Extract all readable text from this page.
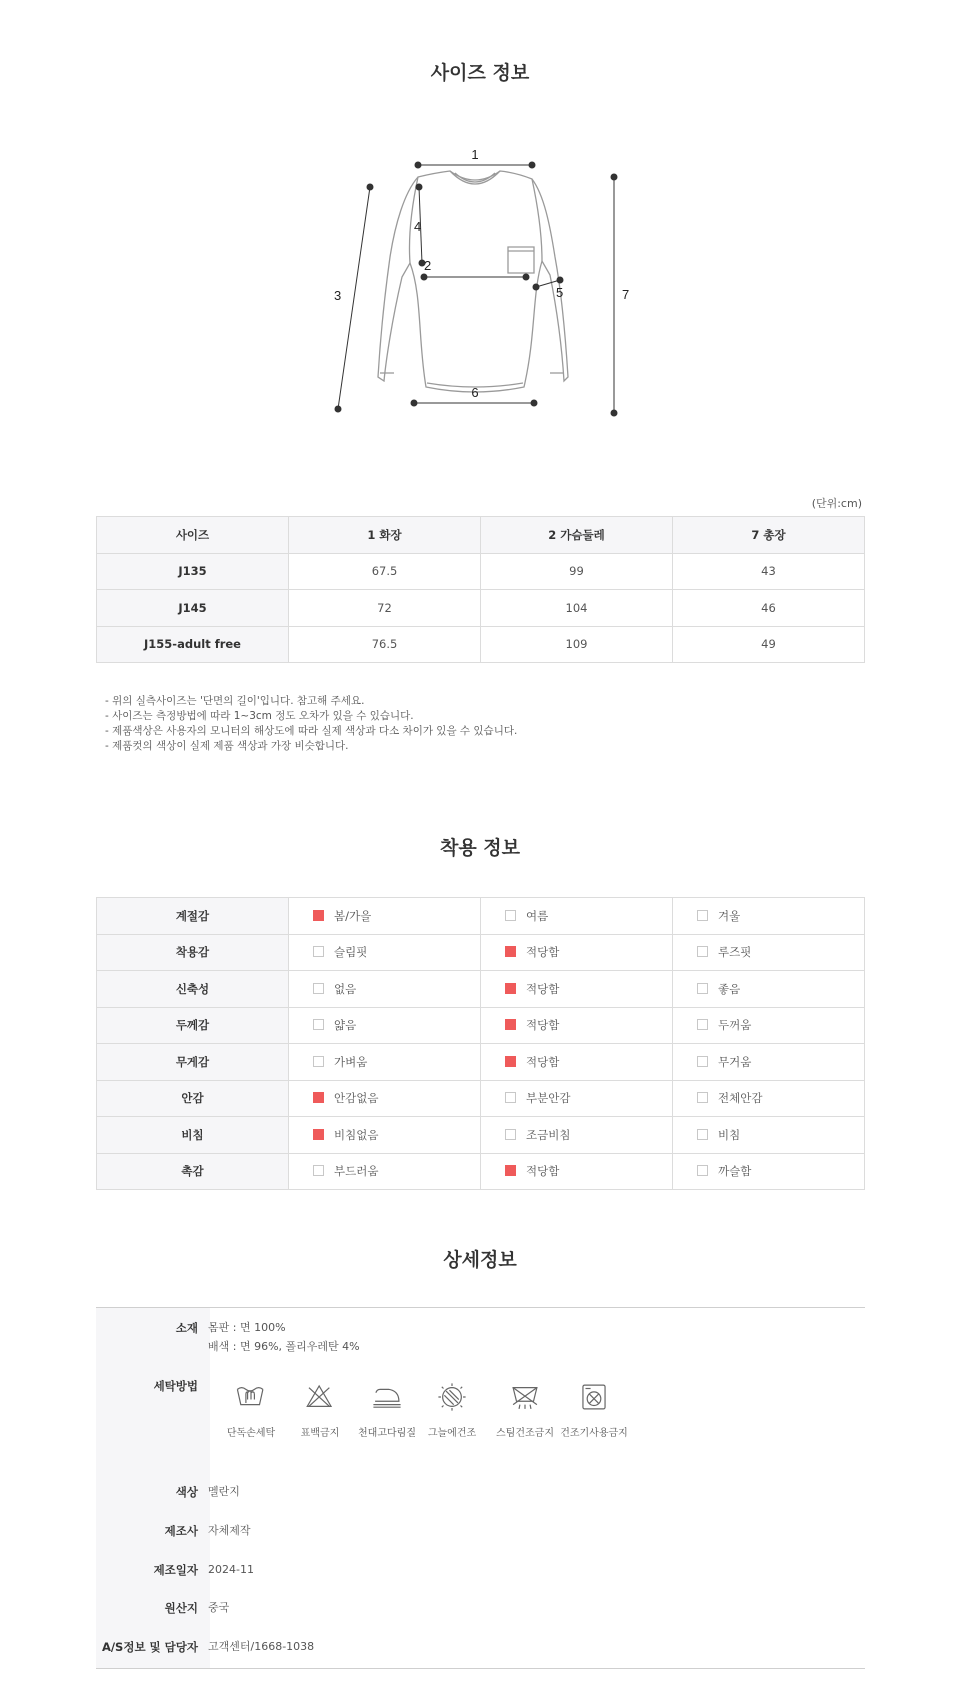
사이즈 정보
1
2
3
4
5
6
7
(단위:cm)
사이즈	1 화장	2 가슴둘레	7 총장
J135	67.5	99	43
J145	72	104	46
J155-adult free	76.5	109	49
- 위의 실측사이즈는 '단면의 길이'입니다. 참고해 주세요.
- 사이즈는 측정방법에 따라 1~3cm 정도 오차가 있을 수 있습니다.
- 제품색상은 사용자의 모니터의 해상도에 따라 실제 색상과 다소 차이가 있을 수 있습니다.
- 제품컷의 색상이 실제 제품 색상과 가장 비슷합니다.
착용 정보
계절감	봄/가을	여름	겨울
착용감	슬림핏	적당함	루즈핏
신축성	없음	적당함	좋음
두께감	얇음	적당함	두꺼움
무게감	가벼움	적당함	무거움
안감	안감없음	부분안감	전체안감
비침	비침없음	조금비침	비침
촉감	부드러움	적당함	까슬함
상세정보
소재 몸판 : 면 100%
배색 : 면 96%, 폴리우레탄 4%
세탁방법
단독손세탁	표백금지	천대고다림질	그늘에건조	스팀건조금지 건조기사용금지
색상 멜란지
제조사 자체제작
제조일자 2024-11
원산지 중국
A/S정보 및 담당자 고객센터/1668-1038
